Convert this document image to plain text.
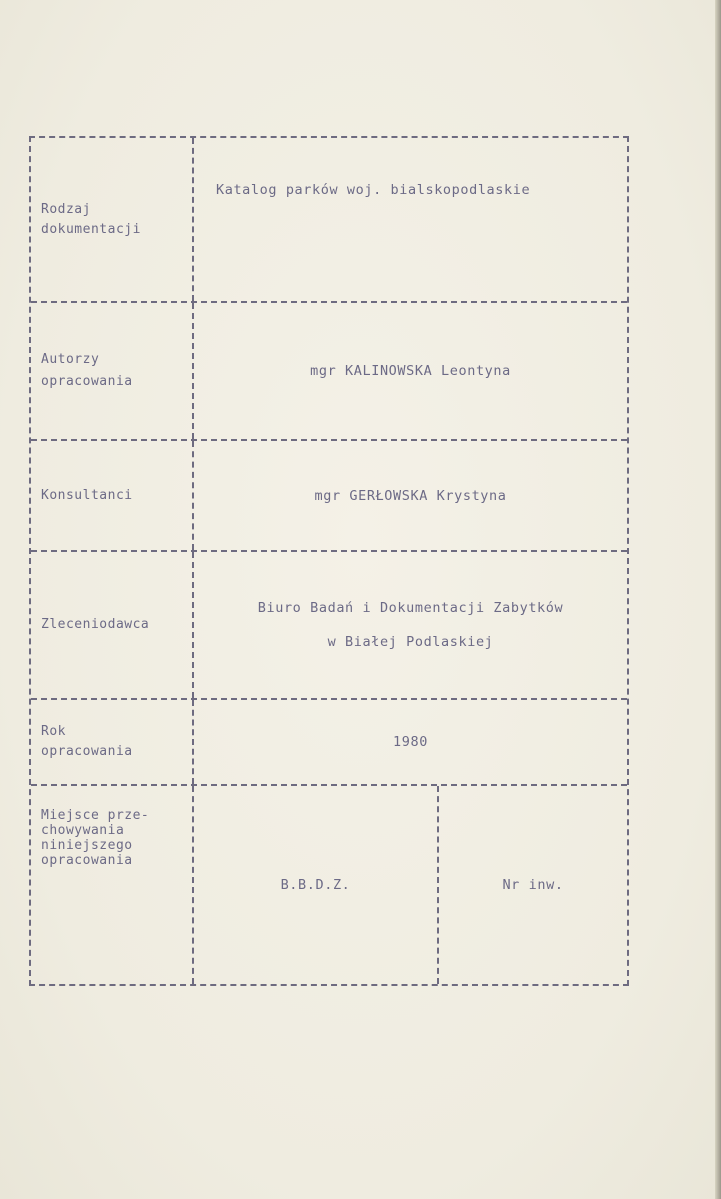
Rodzaj
dokumentacji
Katalog parków woj. bialskopodlaskie
Autorzy
opracowania
mgr KALINOWSKA Leontyna
Konsultanci	mgr GERŁOWSKA Krystyna
Zleceniodawca
Biuro Badań i Dokumentacji Zabytków
w Białej Podlaskiej
Rok
opracowania
1980
Miejsce prze-
chowywania
niniejszego
opracowania
B.B.D.Z.	Nr inw.
